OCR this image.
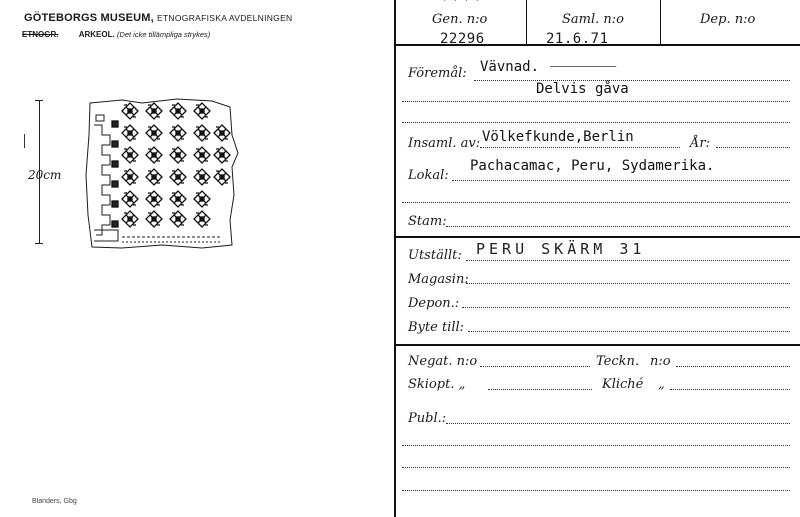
GÖTEBORGS MUSEUM, ETNOGRAFISKA AVDELNINGEN
ETNOGR.	ARKEOL. (Det icke tillämpliga strykes)
20cm
Blanders, Gbg
˙ ˙ ˙ ˙
Gen. n:o
22296
Saml. n:o
21.6.71
Dep. n:o
Föremål: Vävnad.

Delvis gåva
Insaml. av: Völkefkunde,Berlin	År:
Lokal:
Pachacamac, Peru, Sydamerika.
Stam:
Utställt: PERU SKÄRM 31
Magasin:
Depon.:
Byte till:
Negat. n:o	Teckn. n:o
Skiopt. „	Kliché „
Publ.:
